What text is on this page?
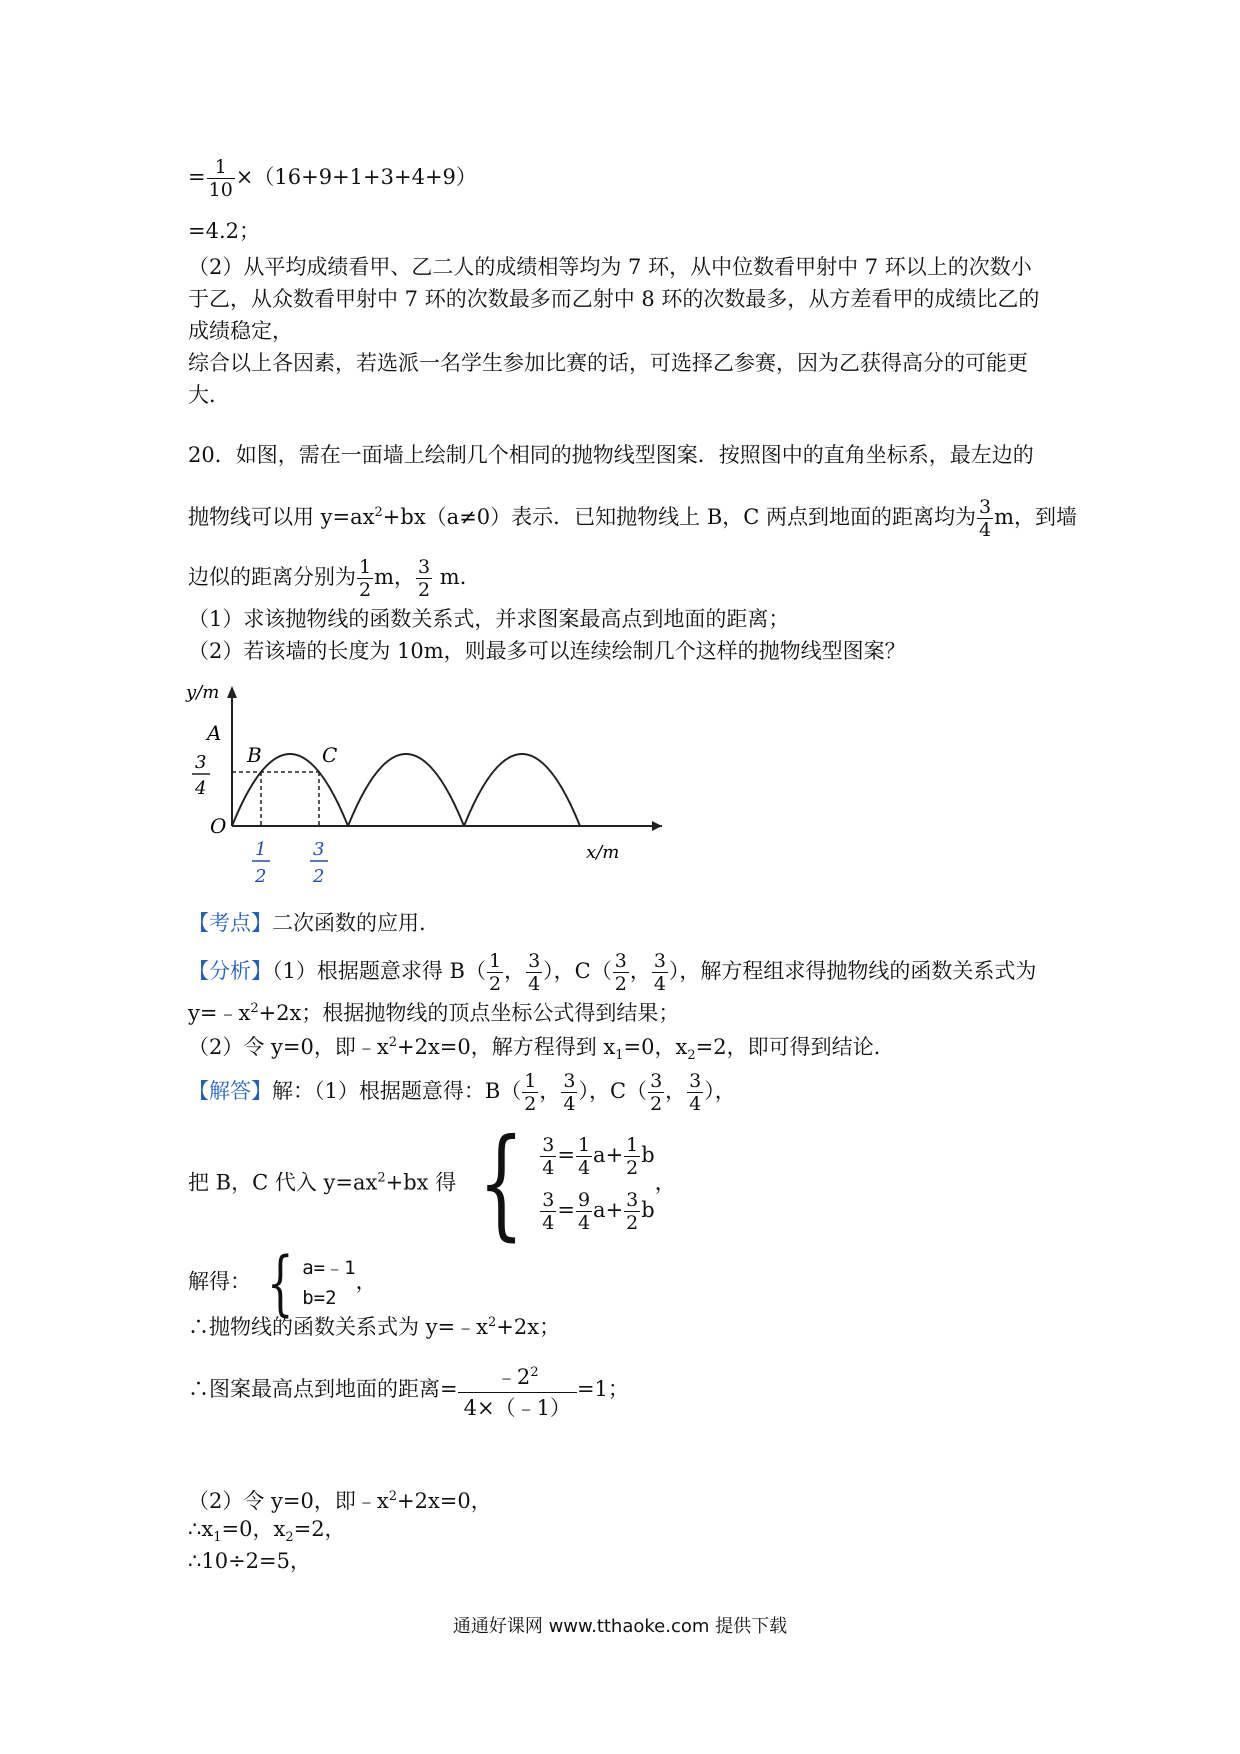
= $\frac{1}{10} \times(16+9+1+3+4+9)$
=4.2；
（2）从平均成绩看甲、乙二人的成绩相等均为 7 环，从中位数看甲射中 7 环以上的次数小
于乙，从众数看甲射中 7 环的次数最多而乙射中 8 环的次数最多，从方差看甲的成绩比乙的
成绩稳定，
综合以上各因素，若选派一名学生参加比赛的话，可选择乙参赛，因为乙获得高分的可能更
大．
20．如图，需在一面墙上绘制几个相同的抛物线型图案．按照图中的直角坐标系，最左边的
抛物线可以用 $y=ax^2+bx(a\ne 0)$表示．已知抛物线上 B，C 两点到地面的距离均为 $\frac{3}{4}$ m，到墙
边似的距离分别为 $\frac{1}{2}$ m， $\frac{3}{2}$ m．
（1）求该抛物线的函数关系式，并求图案最高点到地面的距离；
（2）若该墙的长度为 10m，则最多可以连续绘制几个这样的抛物线型图案？
y/m
x/m
O
A
B	C
3
4
1
2
3
2
【考点】二次函数的应用.
【分析】（1）根据题意求得 $B( \frac{1}{2}$ ， $\frac{3}{4}$ ），$C( \frac{3}{2}$ ， $\frac{3}{4}$ ），解方程组求得抛物线的函数关系式为
$y=﹣x^2+2x$；根据抛物线的顶点坐标公式得到结果；
（2）令 y=0，即$﹣x^2+2x=0$，解方程得到 $x_1=0$，$x_2=2$，即可得到结论.
【解答】解：（1）根据题意得：$B( \frac{1}{2}$ ， $\frac{3}{4}$ ），$C( \frac{3}{2}$ ， $\frac{3}{4}$ ），
把 B，C 代入 $y=ax^2+bx$ 得 { $\frac{3}{4} = \frac{1}{4} a+ \frac{1}{2}$ b
$\frac{3}{4} = \frac{9}{4} a+ \frac{3}{2}$ b
，
解得： { a=﹣1
b=2
，
∴抛物线的函数关系式为 $y=﹣x^2+2x$；
∴图案最高点到地面的距离= $\frac{﹣2^2}{4\times(﹣1)} =1$；
（2）令 y=0，即$﹣x^2+2x=0$，
$\therefore x_1=0$，$x_2=2$，
∴10÷2=5，
通通好课网 www.tthaoke.com 提供下载
